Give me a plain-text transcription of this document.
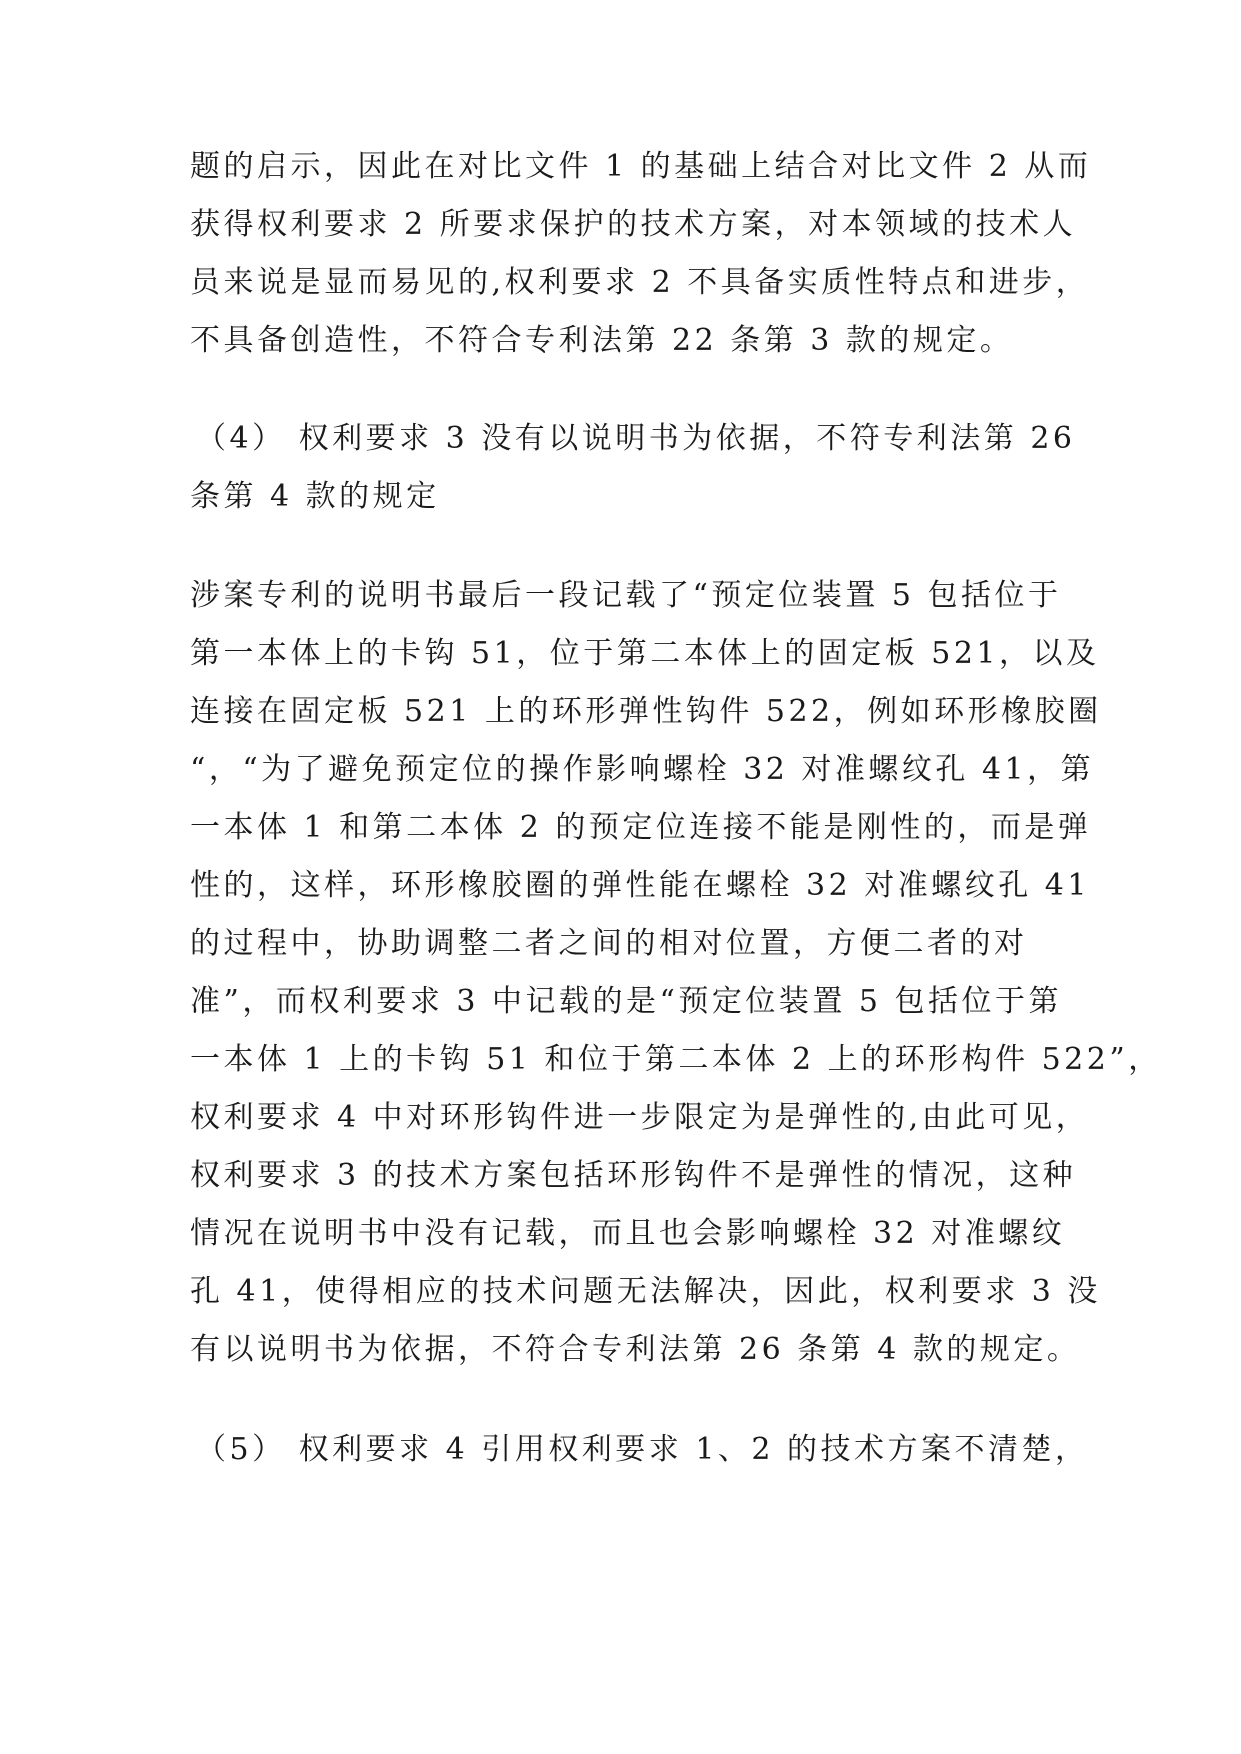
题的启示，因此在对比文件 1 的基础上结合对比文件 2 从而
获得权利要求 2 所要求保护的技术方案，对本领域的技术人
员来说是显而易见的,权利要求 2 不具备实质性特点和进步，
不具备创造性，不符合专利法第 22 条第 3 款的规定。
（4） 权利要求 3 没有以说明书为依据，不符专利法第 26
条第 4 款的规定
涉案专利的说明书最后一段记载了“预定位装置 5 包括位于
第一本体上的卡钩 51，位于第二本体上的固定板 521，以及
连接在固定板 521 上的环形弹性钩件 522，例如环形橡胶圈
“，“为了避免预定位的操作影响螺栓 32 对准螺纹孔 41，第
一本体 1 和第二本体 2 的预定位连接不能是刚性的，而是弹
性的，这样，环形橡胶圈的弹性能在螺栓 32 对准螺纹孔 41
的过程中，协助调整二者之间的相对位置，方便二者的对
准”，而权利要求 3 中记载的是“预定位装置 5 包括位于第
一本体 1 上的卡钩 51 和位于第二本体 2 上的环形构件 522”，
权利要求 4 中对环形钩件进一步限定为是弹性的,由此可见，
权利要求 3 的技术方案包括环形钩件不是弹性的情况，这种
情况在说明书中没有记载，而且也会影响螺栓 32 对准螺纹
孔 41，使得相应的技术问题无法解决，因此，权利要求 3 没
有以说明书为依据，不符合专利法第 26 条第 4 款的规定。
（5） 权利要求 4 引用权利要求 1、2 的技术方案不清楚，
